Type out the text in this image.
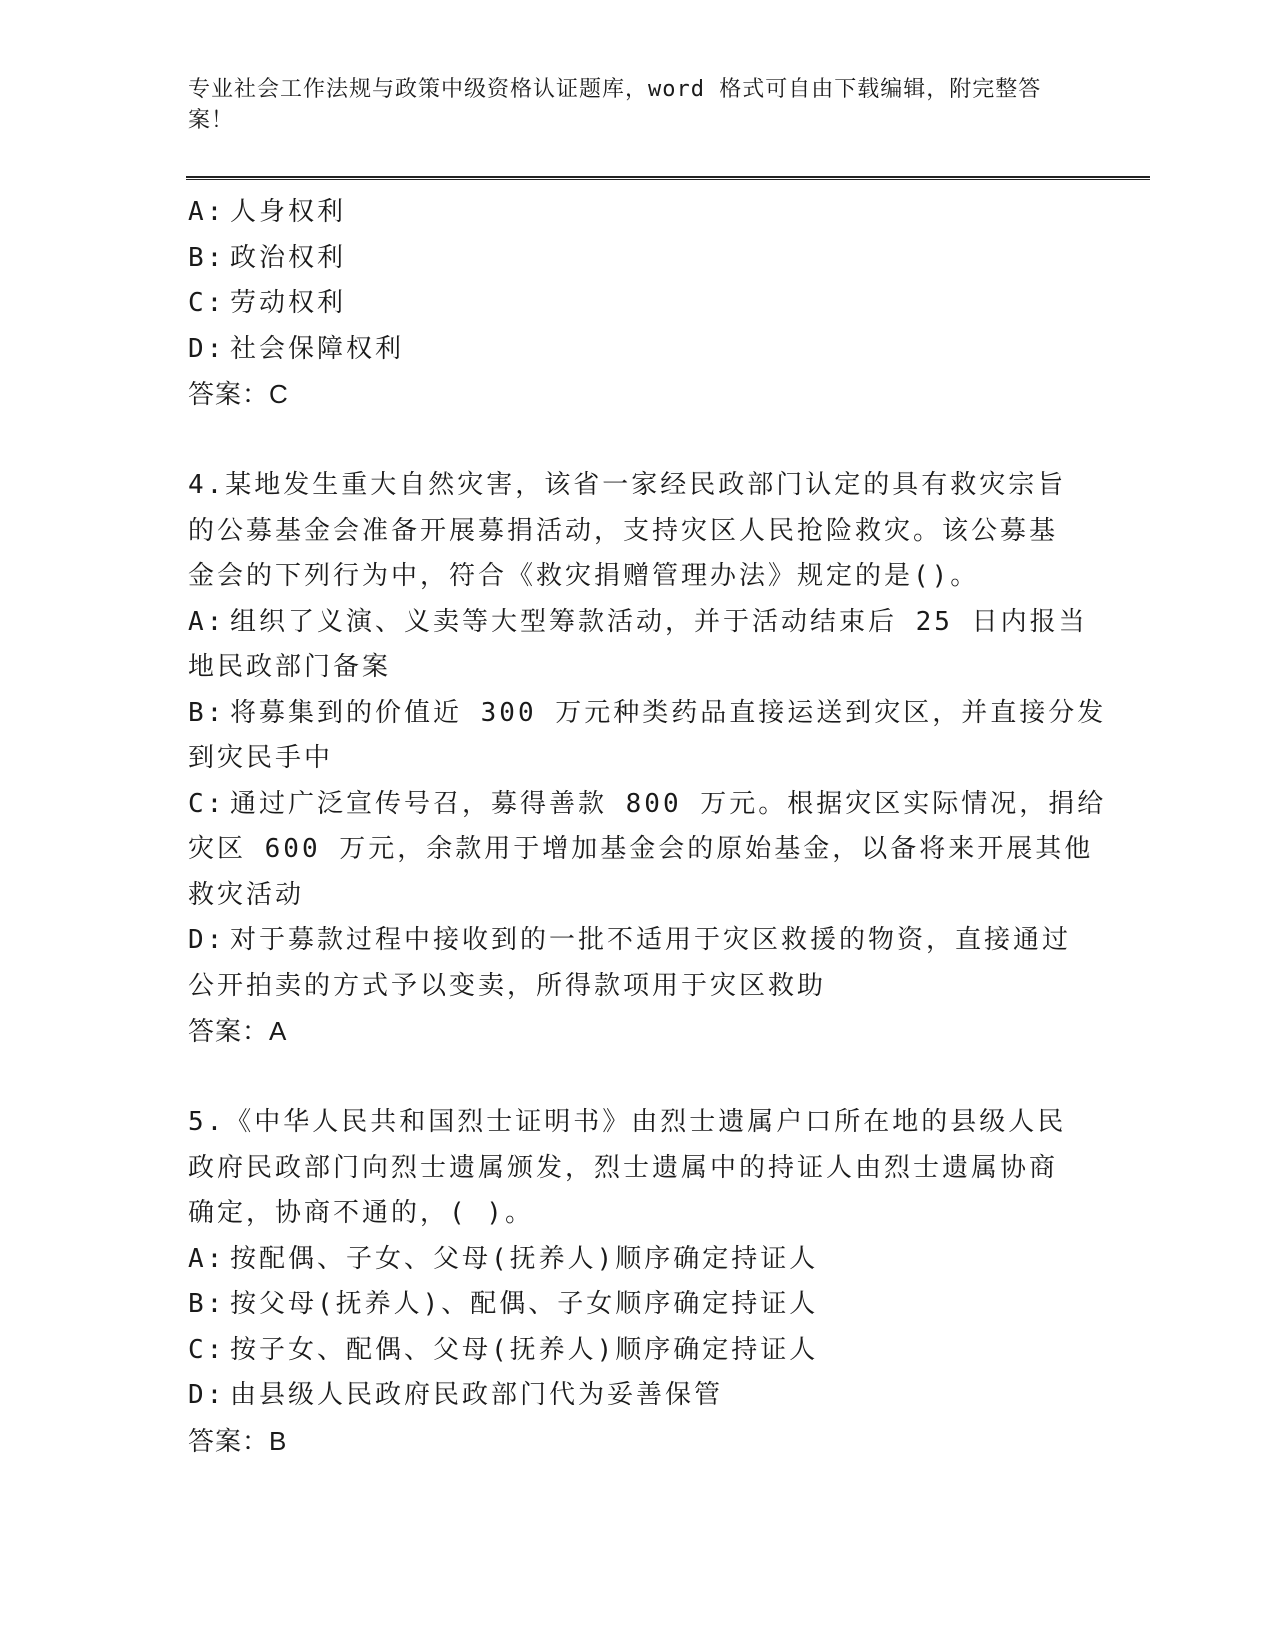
专业社会工作法规与政策中级资格认证题库，word 格式可自由下载编辑，附完整答案！

A: 人身权利

B: 政治权利

C: 劳动权利

D: 社会保障权利

答案：C

4.某地发生重大自然灾害，该省一家经民政部门认定的具有救灾宗旨

的公募基金会准备开展募捐活动，支持灾区人民抢险救灾。该公募基

金会的下列行为中，符合《救灾捐赠管理办法》规定的是()。

A: 组织了义演、义卖等大型筹款活动，并于活动结束后 25 日内报当

地民政部门备案

B: 将募集到的价值近 300 万元种类药品直接运送到灾区，并直接分发

到灾民手中

C: 通过广泛宣传号召，募得善款 800 万元。根据灾区实际情况，捐给

灾区 600 万元，余款用于增加基金会的原始基金，以备将来开展其他

救灾活动

D: 对于募款过程中接收到的一批不适用于灾区救援的物资，直接通过

公开拍卖的方式予以变卖，所得款项用于灾区救助

答案：A

5.《中华人民共和国烈士证明书》由烈士遗属户口所在地的县级人民

政府民政部门向烈士遗属颁发，烈士遗属中的持证人由烈士遗属协商

确定，协商不通的，( )。

A: 按配偶、子女、父母(抚养人)顺序确定持证人

B: 按父母(抚养人)、配偶、子女顺序确定持证人

C: 按子女、配偶、父母(抚养人)顺序确定持证人

D: 由县级人民政府民政部门代为妥善保管

答案：B
